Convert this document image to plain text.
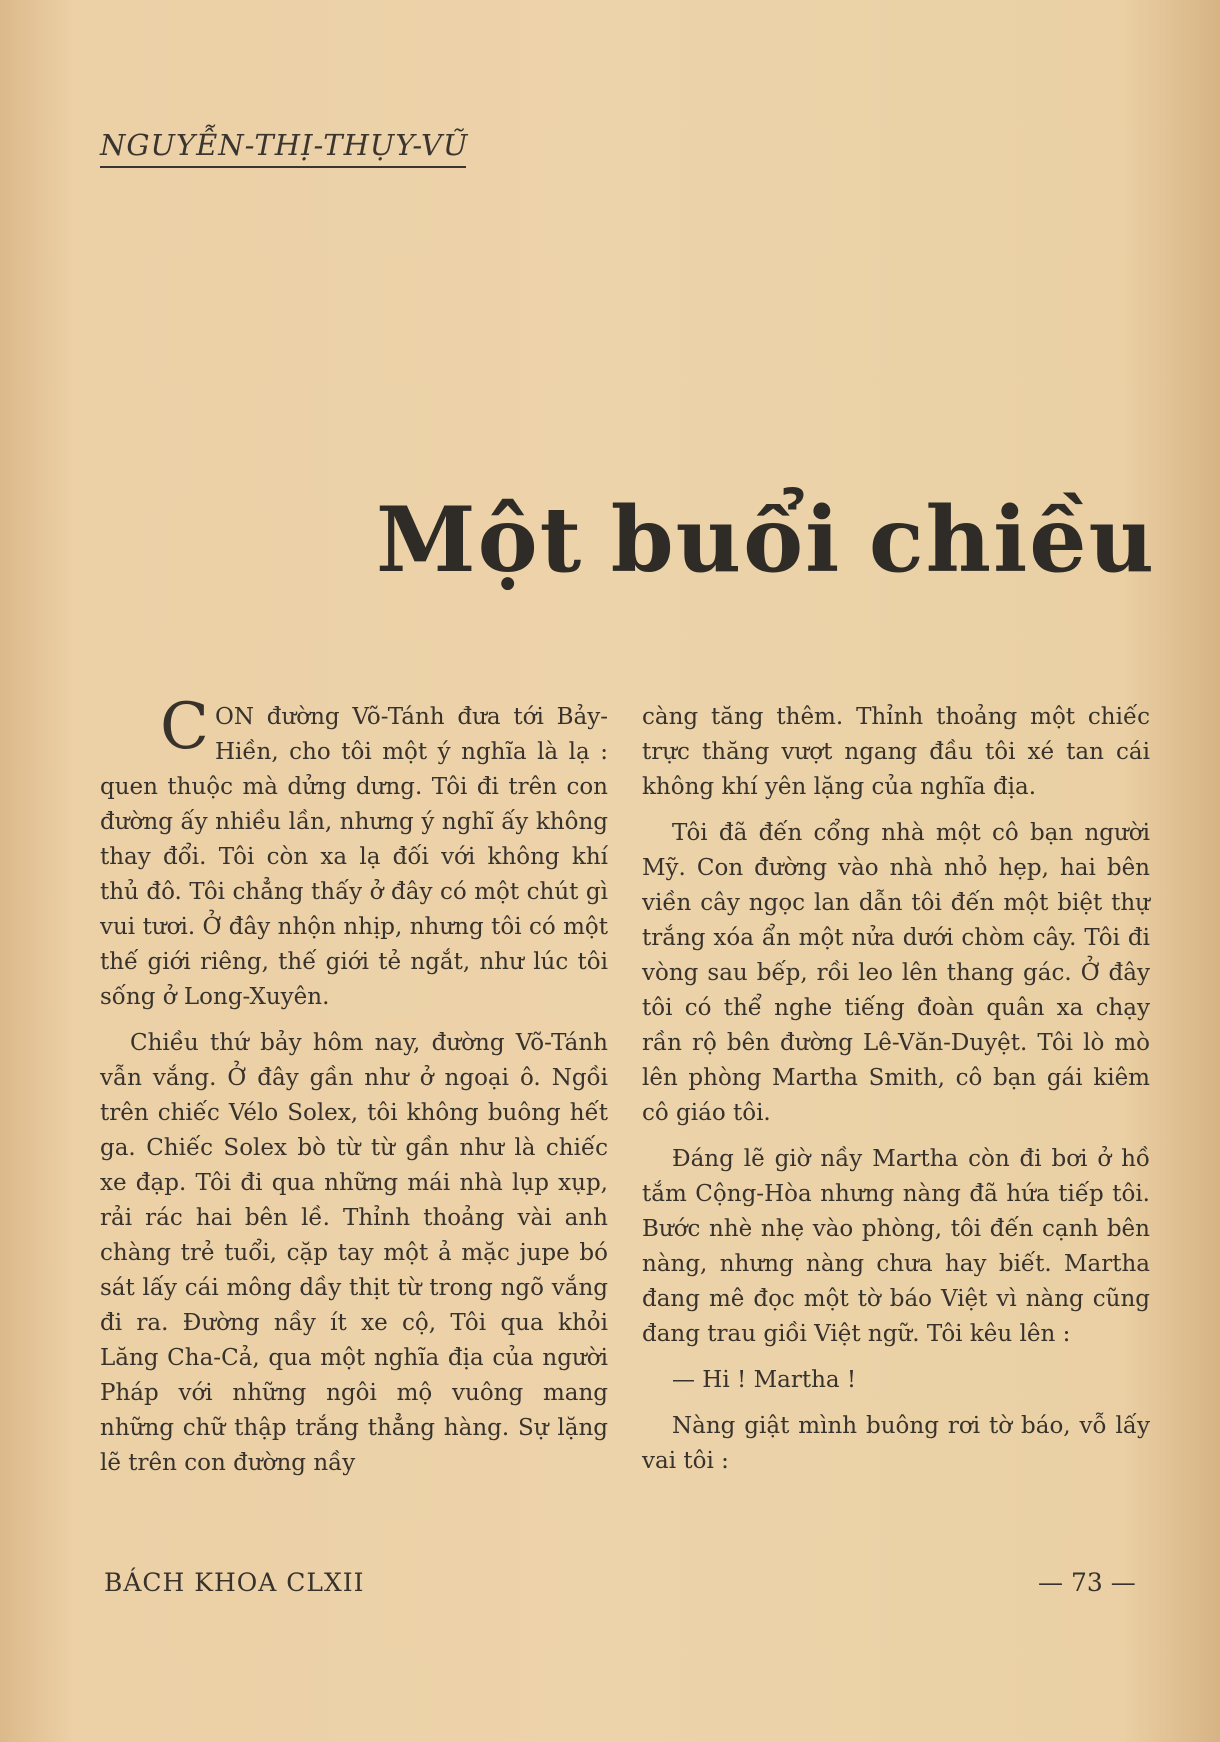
NGUYỄN-THỊ-THỤY-VŨ
Một buổi chiều

CON đường Võ-Tánh đưa tới Bảy-Hiền, cho tôi một ý nghĩa là lạ : quen thuộc mà dửng dưng. Tôi đi trên con đường ấy nhiều lần, nhưng ý nghĩ ấy không thay đổi. Tôi còn xa lạ đối với không khí thủ đô. Tôi chẳng thấy ở đây có một chút gì vui tươi. Ở đây nhộn nhịp, nhưng tôi có một thế giới riêng, thế giới tẻ ngắt, như lúc tôi sống ở Long-Xuyên.

Chiều thứ bảy hôm nay, đường Võ-Tánh vẫn vắng. Ở đây gần như ở ngoại ô. Ngồi trên chiếc Vélo Solex, tôi không buông hết ga. Chiếc Solex bò từ từ gần như là chiếc xe đạp. Tôi đi qua những mái nhà lụp xụp, rải rác hai bên lề. Thỉnh thoảng vài anh chàng trẻ tuổi, cặp tay một ả mặc jupe bó sát lấy cái mông dầy thịt từ trong ngõ vắng đi ra. Đường nầy ít xe cộ, Tôi qua khỏi Lăng Cha-Cả, qua một nghĩa địa của người Pháp với những ngôi mộ vuông mang những chữ thập trắng thẳng hàng. Sự lặng lẽ trên con đường nầy

càng tăng thêm. Thỉnh thoảng một chiếc trực thăng vượt ngang đầu tôi xé tan cái không khí yên lặng của nghĩa địa.

Tôi đã đến cổng nhà một cô bạn người Mỹ. Con đường vào nhà nhỏ hẹp, hai bên viền cây ngọc lan dẫn tôi đến một biệt thự trắng xóa ẩn một nửa dưới chòm cây. Tôi đi vòng sau bếp, rồi leo lên thang gác. Ở đây tôi có thể nghe tiếng đoàn quân xa chạy rần rộ bên đường Lê-Văn-Duyệt. Tôi lò mò lên phòng Martha Smith, cô bạn gái kiêm cô giáo tôi.

Đáng lẽ giờ nầy Martha còn đi bơi ở hồ tắm Cộng-Hòa nhưng nàng đã hứa tiếp tôi. Bước nhè nhẹ vào phòng, tôi đến cạnh bên nàng, nhưng nàng chưa hay biết. Martha đang mê đọc một tờ báo Việt vì nàng cũng đang trau giồi Việt ngữ. Tôi kêu lên :

— Hi ! Martha !

Nàng giật mình buông rơi tờ báo, vỗ lấy vai tôi :

BÁCH KHOA CLXII	— 73 —
